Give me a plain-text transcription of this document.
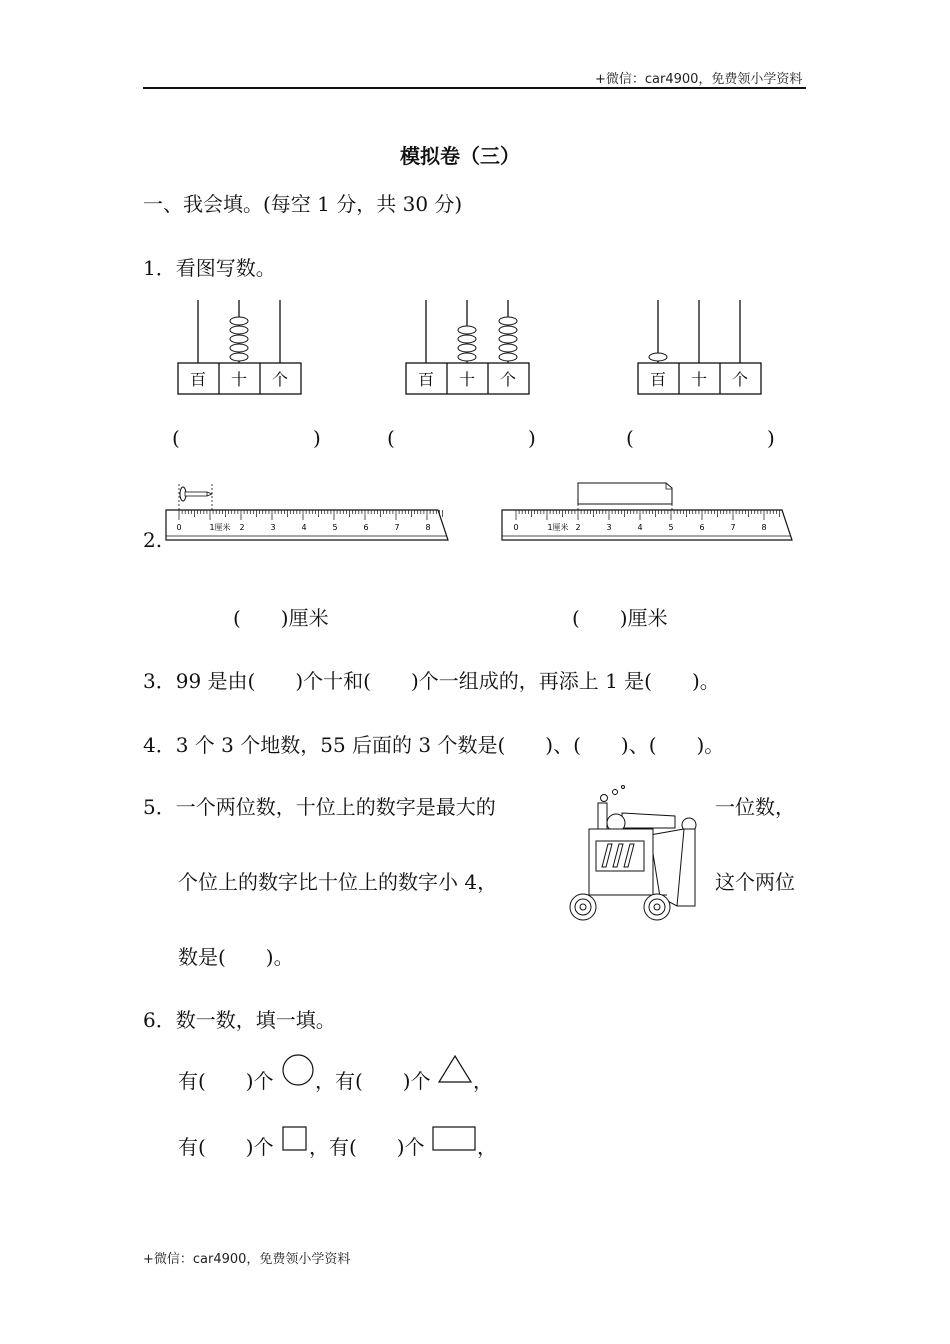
+微信：car4900，免费领小学资料
模拟卷（三）
一、我会填。(每空 1 分，共 30 分)
1．看图写数。
百 十 个	百 十 个	百 十 个
(	)	(	)	(	)
2.
0	1厘米 2	3	4	5	6	7	8	0	1厘米 2	3	4	5	6	7	8
(　　)厘米	(　　)厘米
3．99 是由(　　)个十和(　　)个一组成的，再添上 1 是(　　)。
4．3 个 3 个地数，55 后面的 3 个数是(　　)、(　　)、(　　)。
5．一个两位数，十位上的数字是最大的	一位数，
个位上的数字比十位上的数字小 4，	这个两位
数是(　　)。
6．数一数，填一填。
有(　　)个 ，有(　　)个 ，
有(　　)个 ，有(　　)个	，
+微信：car4900，免费领小学资料
